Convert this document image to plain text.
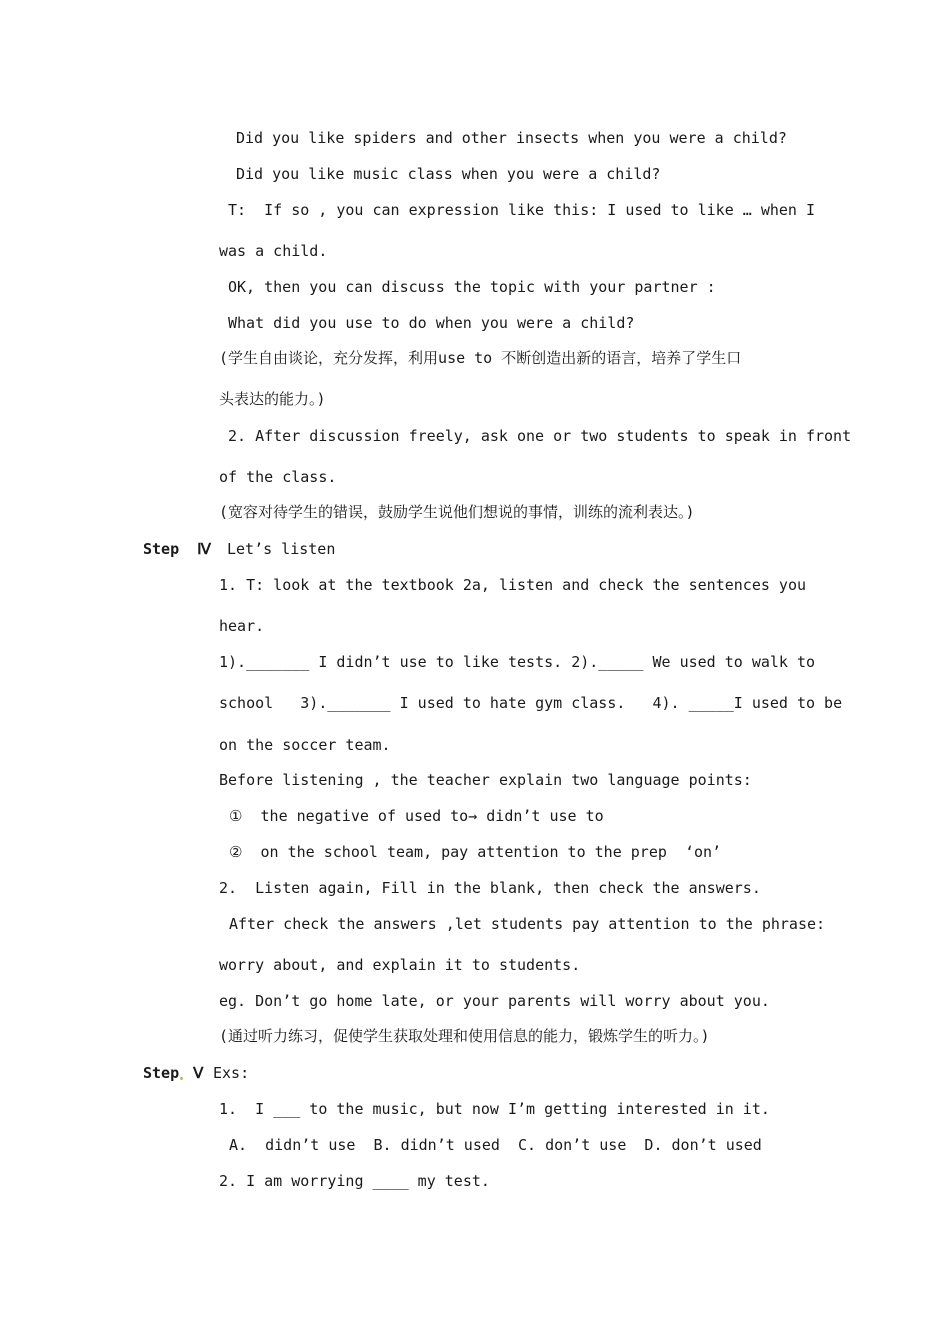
Did you like spiders and other insects when you were a child?
Did you like music class when you were a child?
T:  If so , you can expression like this: I used to like … when I
was a child.
OK, then you can discuss the topic with your partner :
What did you use to do when you were a child?
(学生自由谈论，充分发挥，利用use to 不断创造出新的语言，培养了学生口
头表达的能力。)
2. After discussion freely, ask one or two students to speak in front
of the class.
(宽容对待学生的错误，鼓励学生说他们想说的事情，训练的流利表达。)
Step  Ⅳ Let’s listen
1. T: look at the textbook 2a, listen and check the sentences you
hear.
1)._______ I didn’t use to like tests. 2)._____ We used to walk to
school   3)._______ I used to hate gym class.   4). _____I used to be
on the soccer team.
Before listening , the teacher explain two language points:
①  the negative of used to→ didn’t use to
②  on the school team, pay attention to the prep  ‘on’
2.  Listen again, Fill in the blank, then check the answers.
After check the answers ,let students pay attention to the phrase:
worry about, and explain it to students.
eg. Don’t go home late, or your parents will worry about you.
(通过听力练习，促使学生获取处理和使用信息的能力，锻炼学生的听力。)
Step Ⅴ Exs:
1.  I ___ to the music, but now I’m getting interested in it.
A.  didn’t use  B. didn’t used  C. don’t use  D. don’t used
2. I am worrying ____ my test.
